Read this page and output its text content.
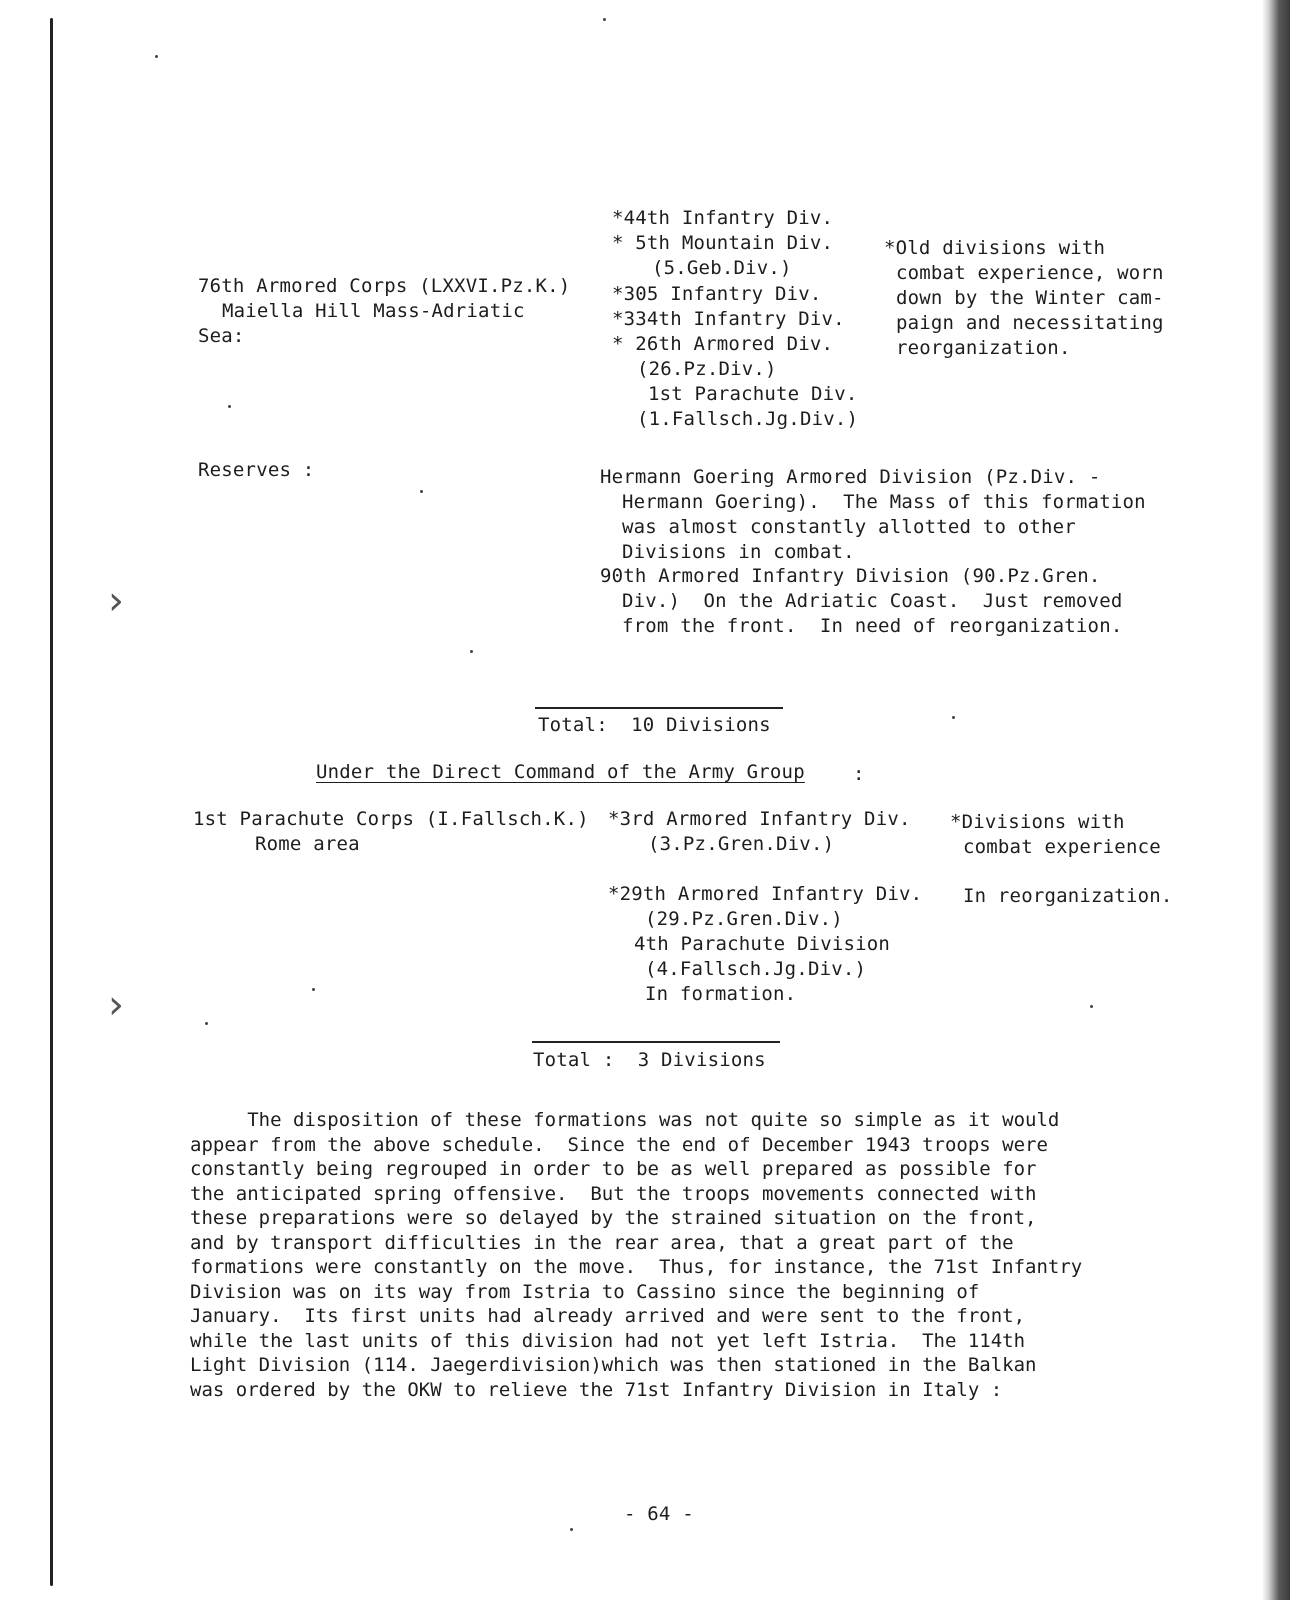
76th Armored Corps (LXXVI.Pz.K.)
Maiella Hill Mass-Adriatic
Sea:
*44th Infantry Div.
* 5th Mountain Div.
(5.Geb.Div.)
*305 Infantry Div.
*334th Infantry Div.
* 26th Armored Div.
(26.Pz.Div.)
1st Parachute Div.
(1.Fallsch.Jg.Div.)
*Old divisions with
combat experience, worn
down by the Winter cam-
paign and necessitating
reorganization.
Reserves :	Hermann Goering Armored Division (Pz.Div. -
Hermann Goering).  The Mass of this formation
was almost constantly allotted to other
Divisions in combat.
90th Armored Infantry Division (90.Pz.Gren.
Div.)  On the Adriatic Coast.  Just removed
from the front.  In need of reorganization.
Total:  10 Divisions
Under the Direct Command of the Army Group	:
1st Parachute Corps (I.Fallsch.K.)
Rome area
*3rd Armored Infantry Div.
(3.Pz.Gren.Div.)
*Divisions with
combat experience
*29th Armored Infantry Div. In reorganization.
(29.Pz.Gren.Div.)
4th Parachute Division
(4.Fallsch.Jg.Div.)
In formation.
Total :  3 Divisions
The disposition of these formations was not quite so simple as it would
appear from the above schedule.  Since the end of December 1943 troops were
constantly being regrouped in order to be as well prepared as possible for
the anticipated spring offensive.  But the troops movements connected with
these preparations were so delayed by the strained situation on the front,
and by transport difficulties in the rear area, that a great part of the
formations were constantly on the move.  Thus, for instance, the 71st Infantry
Division was on its way from Istria to Cassino since the beginning of
January.  Its first units had already arrived and were sent to the front,
while the last units of this division had not yet left Istria.  The 114th
Light Division (114. Jaegerdivision)which was then stationed in the Balkan
was ordered by the OKW to relieve the 71st Infantry Division in Italy :
- 64 -
›
›
